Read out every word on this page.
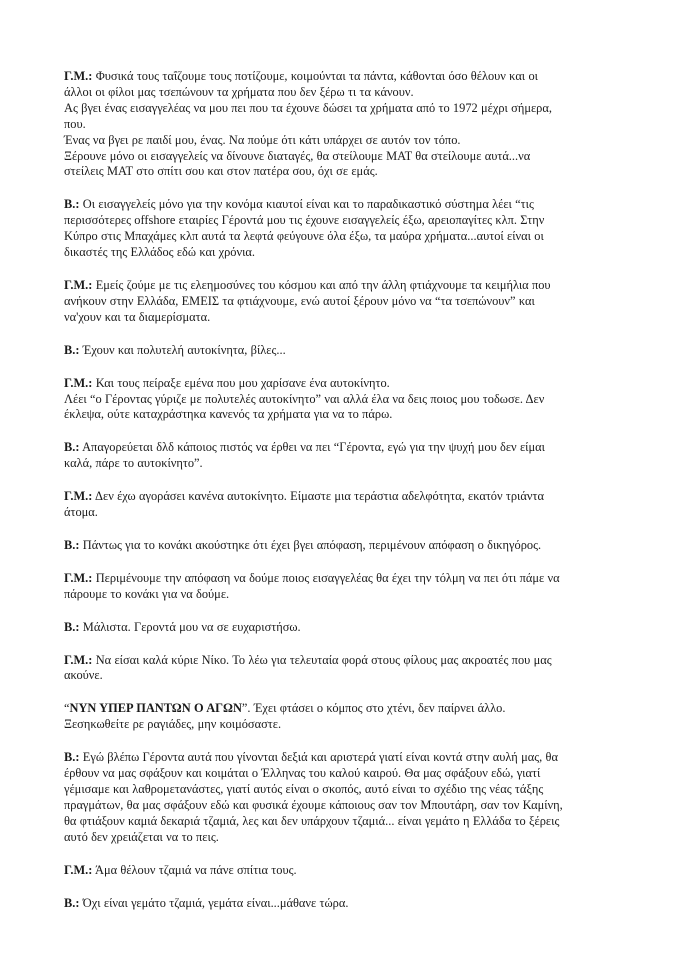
Γ.Μ.: Φυσικά τους ταΐζουμε τους ποτίζουμε, κοιμούνται τα πάντα, κάθονται όσο θέλουν και οι
άλλοι οι φίλοι μας τσεπώνουν τα χρήματα που δεν ξέρω τι τα κάνουν.
Ας βγει ένας εισαγγελέας να μου πει που τα έχουνε δώσει τα χρήματα από το 1972 μέχρι σήμερα,
που.
Ένας να βγει ρε παιδί μου, ένας. Να πούμε ότι κάτι υπάρχει σε αυτόν τον τόπο.
Ξέρουνε μόνο οι εισαγγελείς να δίνουνε διαταγές, θα στείλουμε ΜΑΤ θα στείλουμε αυτά...να
στείλεις ΜΑΤ στο σπίτι σου και στον πατέρα σου, όχι σε εμάς.

Β.: Οι εισαγγελείς μόνο για την κονόμα κιαυτοί είναι και το παραδικαστικό σύστημα λέει “τις
περισσότερες offshore εταιρίες Γέροντά μου τις έχουνε εισαγγελείς έξω, αρειοπαγίτες κλπ. Στην
Κύπρο στις Μπαχάμες κλπ αυτά τα λεφτά φεύγουνε όλα έξω, τα μαύρα χρήματα...αυτοί είναι οι
δικαστές της Ελλάδος εδώ και χρόνια.

Γ.Μ.: Εμείς ζούμε με τις ελεημοσύνες του κόσμου και από την άλλη φτιάχνουμε τα κειμήλια που
ανήκουν στην Ελλάδα, ΕΜΕΙΣ τα φτιάχνουμε, ενώ αυτοί ξέρουν μόνο να “τα τσεπώνουν” και
να'χουν και τα διαμερίσματα.

Β.: Έχουν και πολυτελή αυτοκίνητα, βίλες...

Γ.Μ.: Και τους πείραξε εμένα που μου χαρίσανε ένα αυτοκίνητο.
Λέει “ο Γέροντας γύριζε με πολυτελές αυτοκίνητο” ναι αλλά έλα να δεις ποιος μου τοδωσε. Δεν
έκλεψα, ούτε καταχράστηκα κανενός τα χρήματα για να το πάρω.

Β.: Απαγορεύεται δλδ κάποιος πιστός να έρθει να πει “Γέροντα, εγώ για την ψυχή μου δεν είμαι
καλά, πάρε το αυτοκίνητο”.

Γ.Μ.: Δεν έχω αγοράσει κανένα αυτοκίνητο. Είμαστε μια τεράστια αδελφότητα, εκατόν τριάντα
άτομα.

Β.: Πάντως για το κονάκι ακούστηκε ότι έχει βγει απόφαση, περιμένουν απόφαση ο δικηγόρος.

Γ.Μ.: Περιμένουμε την απόφαση να δούμε ποιος εισαγγελέας θα έχει την τόλμη να πει ότι πάμε να
πάρουμε το κονάκι για να δούμε.

Β.: Μάλιστα. Γεροντά μου να σε ευχαριστήσω.

Γ.Μ.: Να είσαι καλά κύριε Νίκο. Το λέω για τελευταία φορά στους φίλους μας ακροατές που μας
ακούνε.

“ΝΥΝ ΥΠΕΡ ΠΑΝΤΩΝ Ο ΑΓΩΝ”. Έχει φτάσει ο κόμπος στο χτένι, δεν παίρνει άλλο.
Ξεσηκωθείτε ρε ραγιάδες, μην κοιμόσαστε.

Β.: Εγώ βλέπω Γέροντα αυτά που γίνονται δεξιά και αριστερά γιατί είναι κοντά στην αυλή μας, θα
έρθουν να μας σφάξουν και κοιμάται ο Έλληνας του καλού καιρού. Θα μας σφάξουν εδώ, γιατί
γέμισαμε και λαθρομετανάστες, γιατί αυτός είναι ο σκοπός, αυτό είναι το σχέδιο της νέας τάξης
πραγμάτων, θα μας σφάξουν εδώ και φυσικά έχουμε κάποιους σαν τον Μπουτάρη, σαν τον Καμίνη,
θα φτιάξουν καμιά δεκαριά τζαμιά, λες και δεν υπάρχουν τζαμιά... είναι γεμάτο η Ελλάδα το ξέρεις
αυτό δεν χρειάζεται να το πεις.

Γ.Μ.: Άμα θέλουν τζαμιά να πάνε σπίτια τους.

Β.: Όχι είναι γεμάτο τζαμιά, γεμάτα είναι...μάθανε τώρα.
